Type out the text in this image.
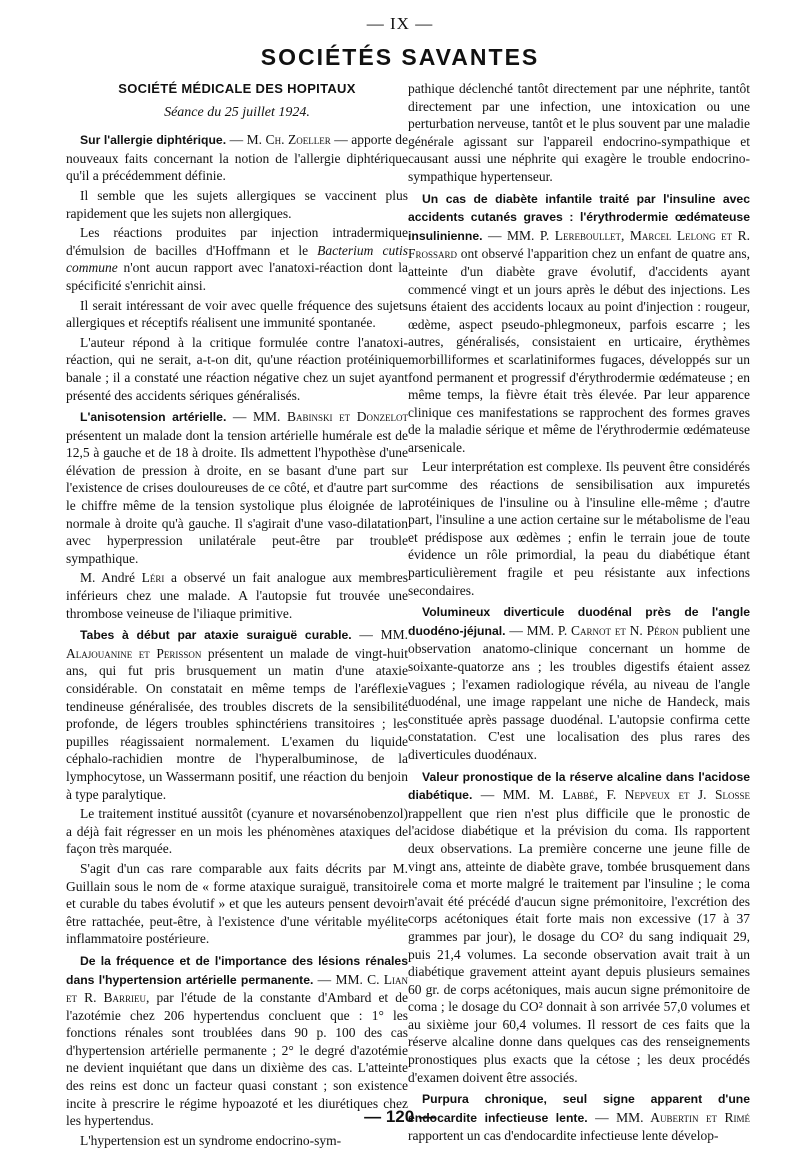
— IX —
SOCIÉTÉS SAVANTES
SOCIÉTÉ MÉDICALE DES HOPITAUX
Séance du 25 juillet 1924.

Sur l'allergie diphtérique. — M. Ch. Zoeller — apporte de nouveaux faits concernant la notion de l'allergie diphtérique qu'il a précédemment définie.

Il semble que les sujets allergiques se vaccinent plus rapidement que les sujets non allergiques.

Les réactions produites par injection intradermique d'émulsion de bacilles d'Hoffmann et le Bacterium cutis commune n'ont aucun rapport avec l'anatoxi-réaction dont la spécificité s'enrichit ainsi.

Il serait intéressant de voir avec quelle fréquence des sujets allergiques et réceptifs réalisent une immunité spontanée.

L'auteur répond à la critique formulée contre l'anatoxi-réaction, qui ne serait, a-t-on dit, qu'une réaction protéinique banale ; il a constaté une réaction négative chez un sujet ayant présenté des accidents sériques généralisés.

L'anisotension artérielle. — MM. Babinski et Donzelot présentent un malade dont la tension artérielle humérale est de 12,5 à gauche et de 18 à droite. Ils admettent l'hypothèse d'une élévation de pression à droite, en se basant d'une part sur l'existence de crises douloureuses de ce côté, et d'autre part sur le chiffre même de la tension systolique plus éloignée de la normale à droite qu'à gauche. Il s'agirait d'une vaso-dilatation avec hyperpression unilatérale peut-être par trouble sympathique.

M. André Léri a observé un fait analogue aux membres inférieurs chez une malade. A l'autopsie fut trouvée une thrombose veineuse de l'iliaque primitive.

Tabes à début par ataxie suraiguë curable. — MM. Alajouanine et Perisson présentent un malade de vingt-huit ans, qui fut pris brusquement un matin d'une ataxie considérable. On constatait en même temps de l'aréflexie tendineuse généralisée, des troubles discrets de la sensibilité profonde, de légers troubles sphinctériens transitoires ; les pupilles réagissaient normalement. L'examen du liquide céphalo-rachidien montre de l'hyperalbuminose, de la lymphocytose, un Wassermann positif, une réaction du benjoin à type paralytique.

Le traitement institué aussitôt (cyanure et novarsénobenzol) a déjà fait régresser en un mois les phénomènes ataxiques de façon très marquée.

S'agit d'un cas rare comparable aux faits décrits par M. Guillain sous le nom de « forme ataxique suraiguë, transitoire et curable du tabes évolutif » et que les auteurs pensent devoir être rattachée, peut-être, à l'existence d'une véritable myélite inflammatoire postérieure.

De la fréquence et de l'importance des lésions rénales dans l'hypertension artérielle permanente. — MM. C. Lian et R. Barrieu, par l'étude de la constante d'Ambard et de l'azotémie chez 206 hypertendus concluent que : 1° les fonctions rénales sont troublées dans 90 p. 100 des cas d'hypertension artérielle permanente ; 2° le degré d'azotémie ne devient inquiétant que dans un dixième des cas. L'atteinte des reins est donc un facteur quasi constant ; son existence incite à prescrire le régime hypoazoté et les diurétiques chez les hypertendus.

L'hypertension est un syndrome endocrino-sym-

pathique déclenché tantôt directement par une néphrite, tantôt directement par une infection, une intoxication ou une perturbation nerveuse, tantôt et le plus souvent par une maladie générale agissant sur l'appareil endocrino-sympathique et causant aussi une néphrite qui exagère le trouble endocrino-sympathique hypertenseur.

Un cas de diabète infantile traité par l'insuline avec accidents cutanés graves : l'érythrodermie œdémateuse insulinienne. — MM. P. Lereboullet, Marcel Lelong et R. Frossard ont observé l'apparition chez un enfant de quatre ans, atteinte d'un diabète grave évolutif, d'accidents ayant commencé vingt et un jours après le début des injections. Les uns étaient des accidents locaux au point d'injection : rougeur, œdème, aspect pseudo-phlegmoneux, parfois escarre ; les autres, généralisés, consistaient en urticaire, érythèmes morbilliformes et scarlatiniformes fugaces, développés sur un fond permanent et progressif d'érythrodermie œdémateuse ; en même temps, la fièvre était très élevée. Par leur apparence clinique ces manifestations se rapprochent des formes graves de la maladie sérique et même de l'érythrodermie œdémateuse arsenicale.

Leur interprétation est complexe. Ils peuvent être considérés comme des réactions de sensibilisation aux impuretés protéiniques de l'insuline ou à l'insuline elle-même ; d'autre part, l'insuline a une action certaine sur le métabolisme de l'eau et prédispose aux œdèmes ; enfin le terrain joue de toute évidence un rôle primordial, la peau du diabétique étant particulièrement fragile et peu résistante aux infections secondaires.

Volumineux diverticule duodénal près de l'angle duodéno-jéjunal. — MM. P. Carnot et N. Péron publient une observation anatomo-clinique concernant un homme de soixante-quatorze ans ; les troubles digestifs étaient assez vagues ; l'examen radiologique révéla, au niveau de l'angle duodénal, une image rappelant une niche de Handeck, mais constituée après passage duodénal. L'autopsie confirma cette constatation. C'est une localisation des plus rares des diverticules duodénaux.

Valeur pronostique de la réserve alcaline dans l'acidose diabétique. — MM. M. Labbé, F. Nepveux et J. Slosse rappellent que rien n'est plus difficile que le pronostic de l'acidose diabétique et la prévision du coma. Ils rapportent deux observations. La première concerne une jeune fille de vingt ans, atteinte de diabète grave, tombée brusquement dans le coma et morte malgré le traitement par l'insuline ; le coma n'avait été précédé d'aucun signe prémonitoire, l'excrétion des corps acétoniques était forte mais non excessive (17 à 37 grammes par jour), le dosage du CO² du sang indiquait 29, puis 21,4 volumes. La seconde observation avait trait à un diabétique gravement atteint ayant depuis plusieurs semaines 60 gr. de corps acétoniques, mais aucun signe prémonitoire de coma ; le dosage du CO² donnait à son arrivée 57,0 volumes et au sixième jour 60,4 volumes. Il ressort de ces faits que la réserve alcaline donne dans quelques cas des renseignements pronostiques plus exacts que la cétose ; les deux procédés d'examen doivent être associés.

Purpura chronique, seul signe apparent d'une endocardite infectieuse lente. — MM. Aubertin et Rimé rapportent un cas d'endocardite infectieuse lente dévelop-

— 120 —
